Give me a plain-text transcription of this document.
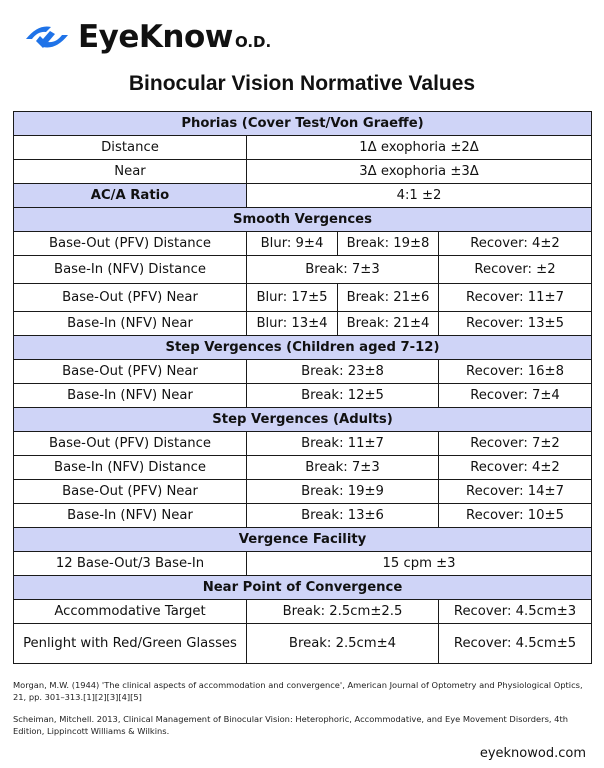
EyeKnow O.D.
Binocular Vision Normative Values
Phorias (Cover Test/Von Graeffe)			
Distance	1Δ exophoria ±2Δ		
Near	3Δ exophoria ±3Δ		
AC/A Ratio	4:1 ±2		
Smooth Vergences			
Base-Out (PFV) Distance	Blur: 9±4	Break: 19±8	Recover: 4±2
Base-In (NFV) Distance	Break: 7±3		Recover: ±2
Base-Out (PFV) Near	Blur: 17±5	Break: 21±6	Recover: 11±7
Base-In (NFV) Near	Blur: 13±4	Break: 21±4	Recover: 13±5
Step Vergences (Children aged 7-12)			
Base-Out (PFV) Near	Break: 23±8		Recover: 16±8
Base-In (NFV) Near	Break: 12±5		Recover: 7±4
Step Vergences (Adults)			
Base-Out (PFV) Distance	Break: 11±7		Recover: 7±2
Base-In (NFV) Distance	Break: 7±3		Recover: 4±2
Base-Out (PFV) Near	Break: 19±9		Recover: 14±7
Base-In (NFV) Near	Break: 13±6		Recover: 10±5
Vergence Facility			
12 Base-Out/3 Base-In	15 cpm ±3		
Near Point of Convergence			
Accommodative Target	Break: 2.5cm±2.5		Recover: 4.5cm±3
Penlight with Red/Green Glasses	Break: 2.5cm±4		Recover: 4.5cm±5

Morgan, M.W. (1944) 'The clinical aspects of accommodation and convergence', American Journal of Optometry and Physiological Optics, 21, pp. 301–313.[1][2][3][4][5]

Scheiman, Mitchell. 2013, Clinical Management of Binocular Vision: Heterophoric, Accommodative, and Eye Movement Disorders, 4th Edition, Lippincott Williams & Wilkins.

eyeknowod.com
